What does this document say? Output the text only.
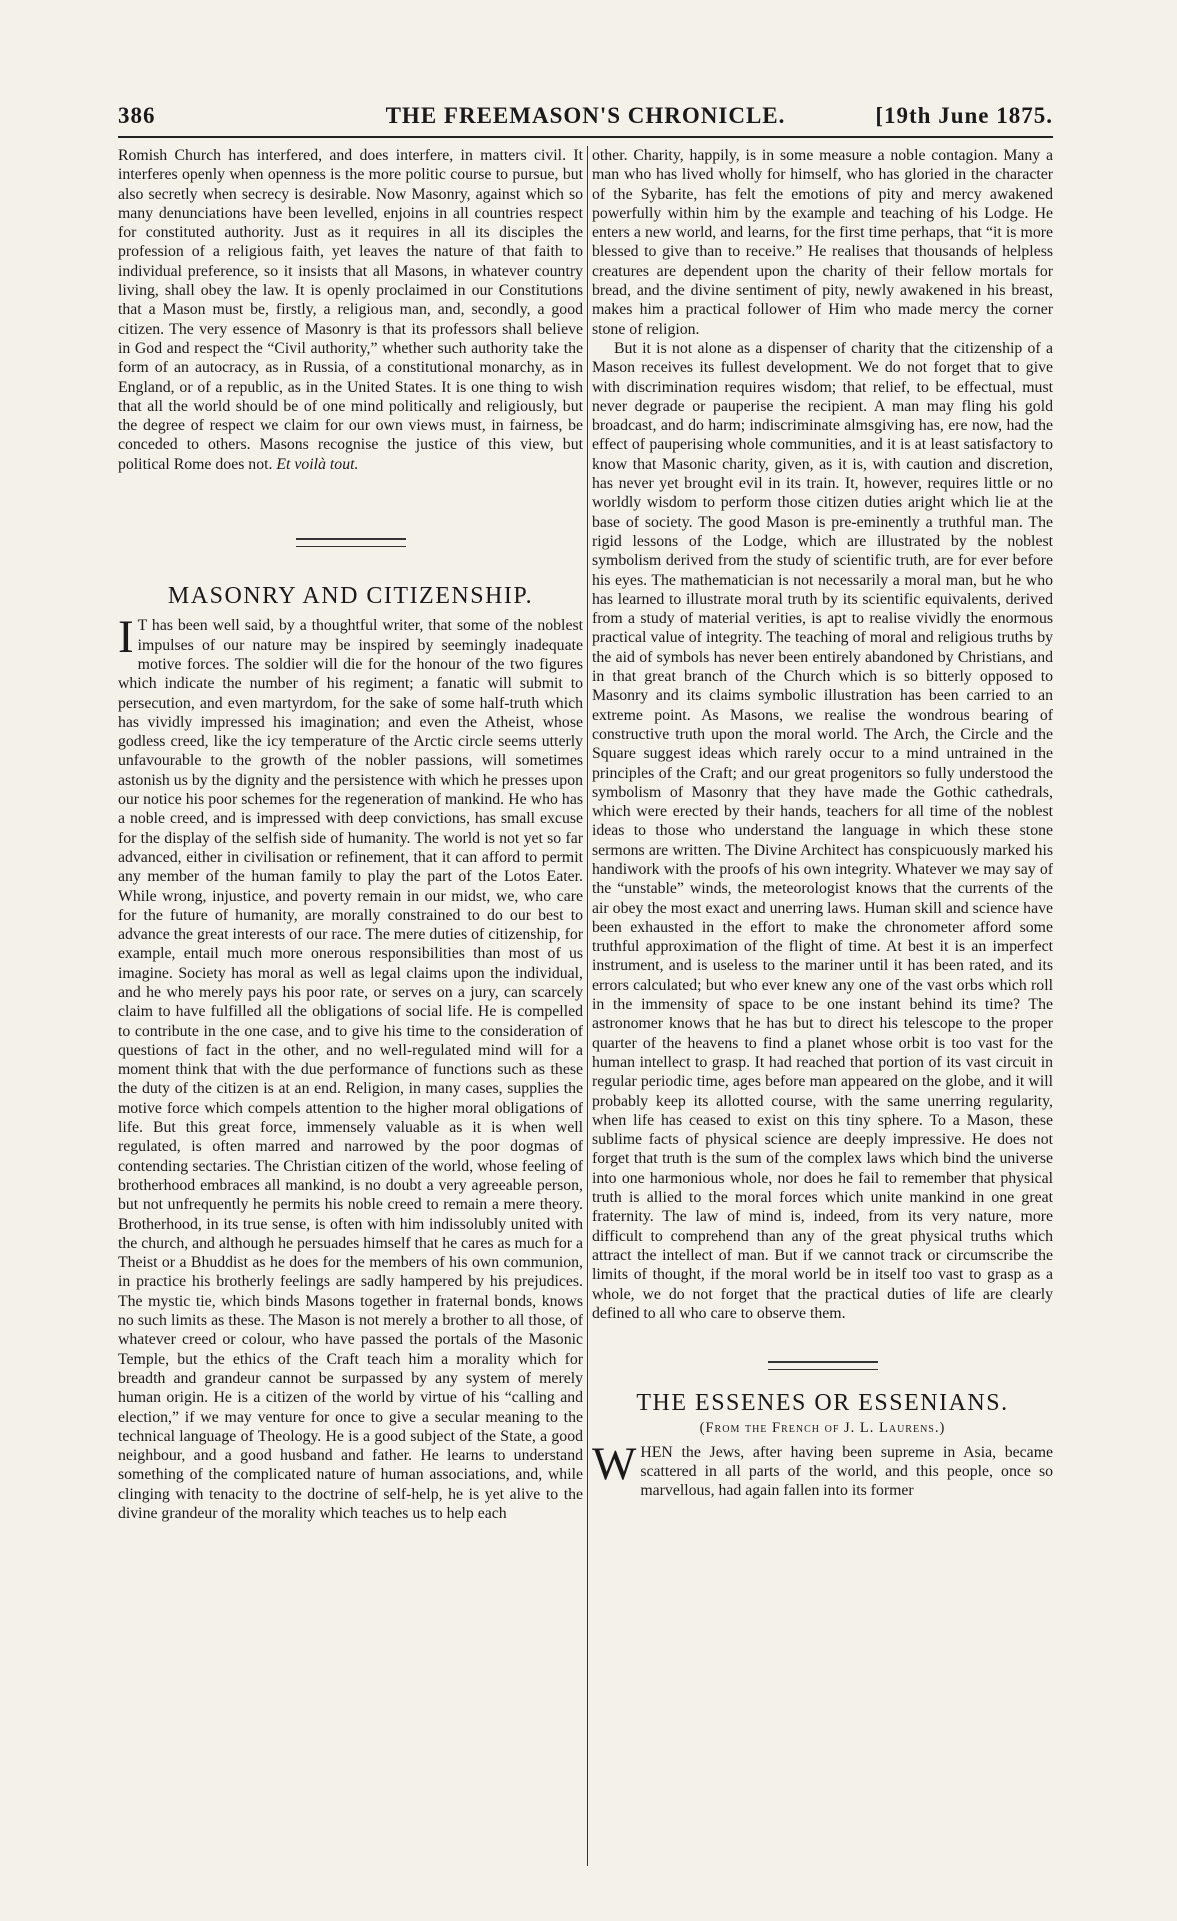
386	THE FREEMASON'S CHRONICLE.	[19th June 1875.

Romish Church has interfered, and does interfere, in matters civil. It interferes openly when openness is the more politic course to pursue, but also secretly when secrecy is desirable. Now Masonry, against which so many denunciations have been levelled, enjoins in all countries respect for constituted authority. Just as it requires in all its disciples the profession of a religious faith, yet leaves the nature of that faith to individual preference, so it insists that all Masons, in whatever country living, shall obey the law. It is openly proclaimed in our Constitutions that a Mason must be, firstly, a religious man, and, secondly, a good citizen. The very essence of Masonry is that its professors shall believe in God and respect the “Civil authority,” whether such authority take the form of an autocracy, as in Russia, of a constitutional monarchy, as in England, or of a republic, as in the United States. It is one thing to wish that all the world should be of one mind politically and religiously, but the degree of respect we claim for our own views must, in fairness, be conceded to others. Masons recognise the justice of this view, but political Rome does not. Et voilà tout.

MASONRY AND CITIZENSHIP.

I T has been well said, by a thoughtful writer, that some of the noblest impulses of our nature may be inspired by seemingly inadequate motive forces. The soldier will die for the honour of the two figures which indicate the number of his regiment; a fanatic will submit to persecution, and even martyrdom, for the sake of some half-truth which has vividly impressed his imagination; and even the Atheist, whose godless creed, like the icy temperature of the Arctic circle seems utterly unfavourable to the growth of the nobler passions, will sometimes astonish us by the dignity and the persistence with which he presses upon our notice his poor schemes for the regeneration of mankind. He who has a noble creed, and is impressed with deep convictions, has small excuse for the display of the selfish side of humanity. The world is not yet so far advanced, either in civilisation or refinement, that it can afford to permit any member of the human family to play the part of the Lotos Eater. While wrong, injustice, and poverty remain in our midst, we, who care for the future of humanity, are morally constrained to do our best to advance the great interests of our race. The mere duties of citizenship, for example, entail much more onerous responsibilities than most of us imagine. Society has moral as well as legal claims upon the individual, and he who merely pays his poor rate, or serves on a jury, can scarcely claim to have fulfilled all the obligations of social life. He is compelled to contribute in the one case, and to give his time to the consideration of questions of fact in the other, and no well-regulated mind will for a moment think that with the due performance of functions such as these the duty of the citizen is at an end. Religion, in many cases, supplies the motive force which compels attention to the higher moral obligations of life. But this great force, immensely valuable as it is when well regulated, is often marred and narrowed by the poor dogmas of contending sectaries. The Christian citizen of the world, whose feeling of brotherhood embraces all mankind, is no doubt a very agreeable person, but not unfrequently he permits his noble creed to remain a mere theory. Brotherhood, in its true sense, is often with him indissolubly united with the church, and although he persuades himself that he cares as much for a Theist or a Bhuddist as he does for the members of his own communion, in practice his brotherly feelings are sadly hampered by his prejudices. The mystic tie, which binds Masons together in fraternal bonds, knows no such limits as these. The Mason is not merely a brother to all those, of whatever creed or colour, who have passed the portals of the Masonic Temple, but the ethics of the Craft teach him a morality which for breadth and grandeur cannot be surpassed by any system of merely human origin. He is a citizen of the world by virtue of his “calling and election,” if we may venture for once to give a secular meaning to the technical language of Theology. He is a good subject of the State, a good neighbour, and a good husband and father. He learns to understand something of the complicated nature of human associations, and, while clinging with tenacity to the doctrine of self-help, he is yet alive to the divine grandeur of the morality which teaches us to help each

other. Charity, happily, is in some measure a noble contagion. Many a man who has lived wholly for himself, who has gloried in the character of the Sybarite, has felt the emotions of pity and mercy awakened powerfully within him by the example and teaching of his Lodge. He enters a new world, and learns, for the first time perhaps, that “it is more blessed to give than to receive.” He realises that thousands of helpless creatures are dependent upon the charity of their fellow mortals for bread, and the divine sentiment of pity, newly awakened in his breast, makes him a practical follower of Him who made mercy the corner stone of religion.

But it is not alone as a dispenser of charity that the citizenship of a Mason receives its fullest development. We do not forget that to give with discrimination requires wisdom; that relief, to be effectual, must never degrade or pauperise the recipient. A man may fling his gold broadcast, and do harm; indiscriminate almsgiving has, ere now, had the effect of pauperising whole communities, and it is at least satisfactory to know that Masonic charity, given, as it is, with caution and discretion, has never yet brought evil in its train. It, however, requires little or no worldly wisdom to perform those citizen duties aright which lie at the base of society. The good Mason is pre-eminently a truthful man. The rigid lessons of the Lodge, which are illustrated by the noblest symbolism derived from the study of scientific truth, are for ever before his eyes. The mathematician is not necessarily a moral man, but he who has learned to illustrate moral truth by its scientific equivalents, derived from a study of material verities, is apt to realise vividly the enormous practical value of integrity. The teaching of moral and religious truths by the aid of symbols has never been entirely abandoned by Christians, and in that great branch of the Church which is so bitterly opposed to Masonry and its claims symbolic illustration has been carried to an extreme point. As Masons, we realise the wondrous bearing of constructive truth upon the moral world. The Arch, the Circle and the Square suggest ideas which rarely occur to a mind untrained in the principles of the Craft; and our great progenitors so fully understood the symbolism of Masonry that they have made the Gothic cathedrals, which were erected by their hands, teachers for all time of the noblest ideas to those who understand the language in which these stone sermons are written. The Divine Architect has conspicuously marked his handiwork with the proofs of his own integrity. Whatever we may say of the “unstable” winds, the meteorologist knows that the currents of the air obey the most exact and unerring laws. Human skill and science have been exhausted in the effort to make the chronometer afford some truthful approximation of the flight of time. At best it is an imperfect instrument, and is useless to the mariner until it has been rated, and its errors calculated; but who ever knew any one of the vast orbs which roll in the immensity of space to be one instant behind its time? The astronomer knows that he has but to direct his telescope to the proper quarter of the heavens to find a planet whose orbit is too vast for the human intellect to grasp. It had reached that portion of its vast circuit in regular periodic time, ages before man appeared on the globe, and it will probably keep its allotted course, with the same unerring regularity, when life has ceased to exist on this tiny sphere. To a Mason, these sublime facts of physical science are deeply impressive. He does not forget that truth is the sum of the complex laws which bind the universe into one harmonious whole, nor does he fail to remember that physical truth is allied to the moral forces which unite mankind in one great fraternity. The law of mind is, indeed, from its very nature, more difficult to comprehend than any of the great physical truths which attract the intellect of man. But if we cannot track or circumscribe the limits of thought, if the moral world be in itself too vast to grasp as a whole, we do not forget that the practical duties of life are clearly defined to all who care to observe them.

THE ESSENES OR ESSENIANS.

(From the French of J. L. Laurens.)

WHEN the Jews, after having been supreme in Asia, became scattered in all parts of the world, and this people, once so marvellous, had again fallen into its former
